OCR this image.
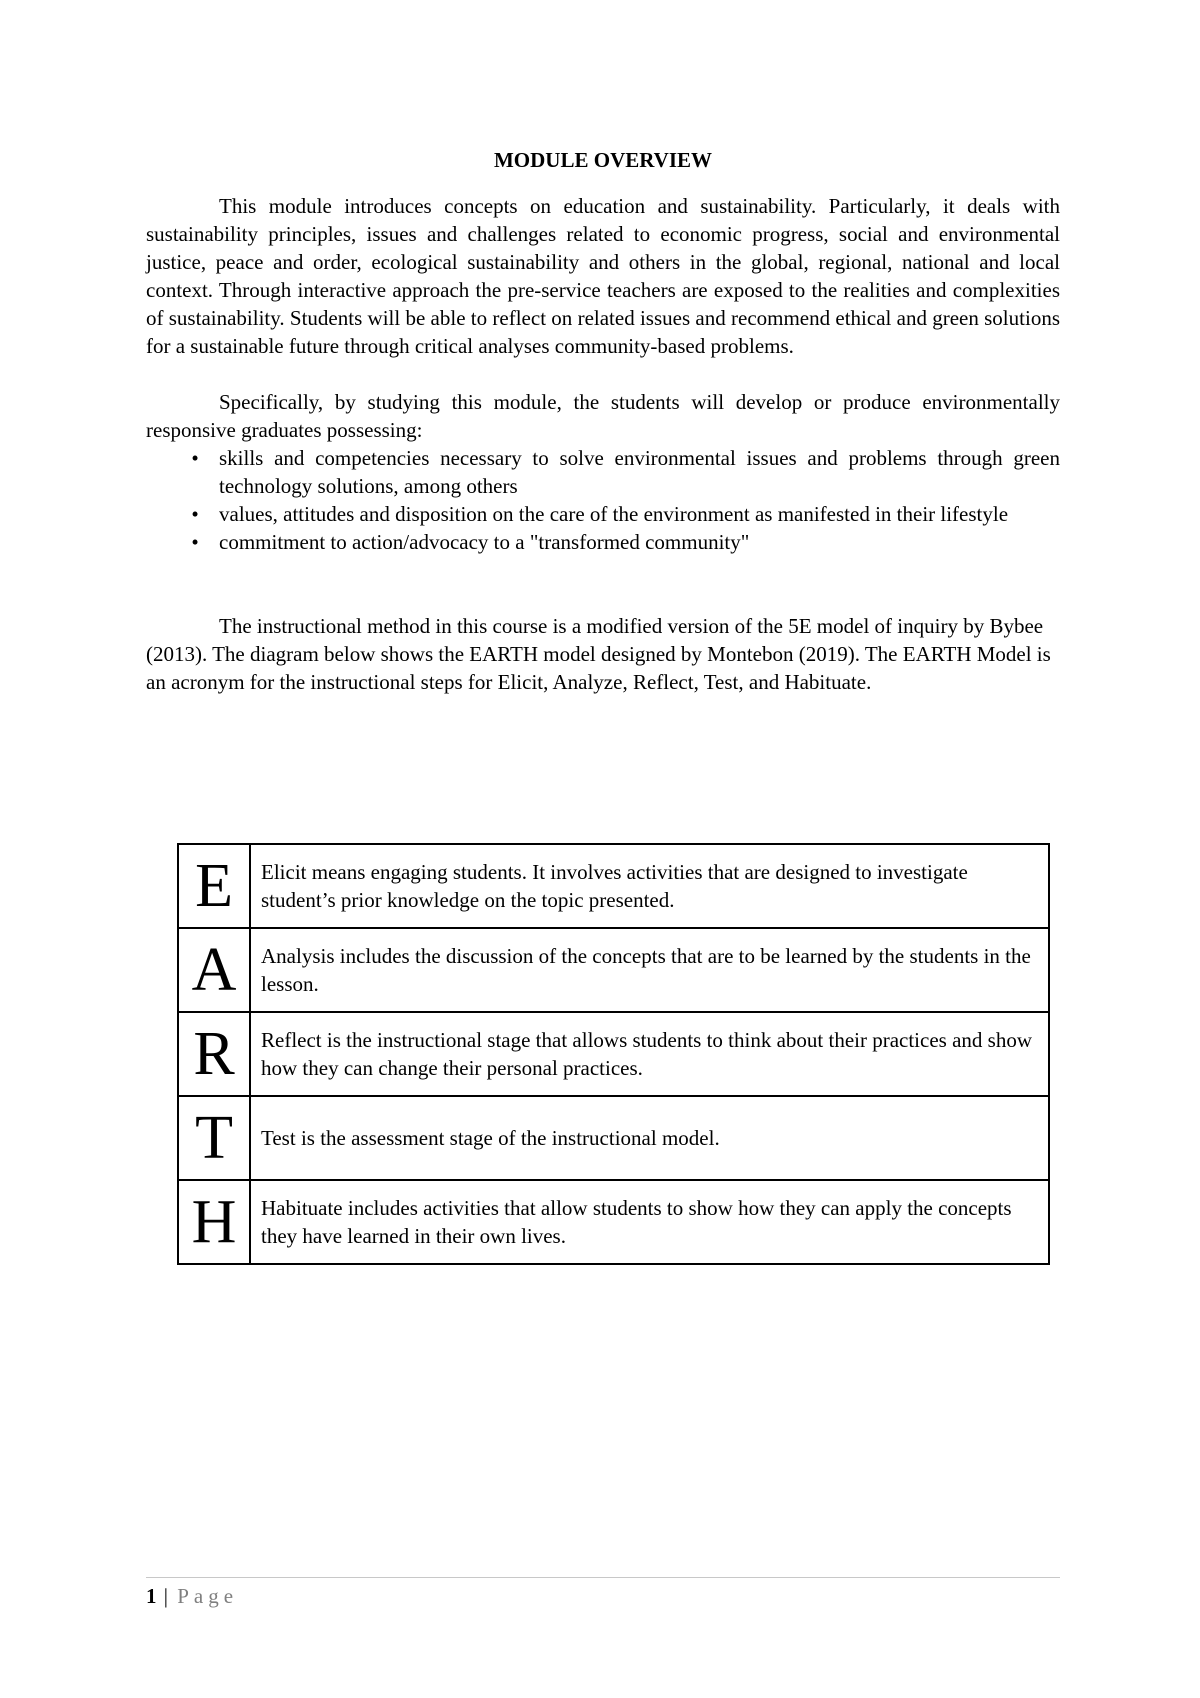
MODULE OVERVIEW

This module introduces concepts on education and sustainability. Particularly, it deals with sustainability principles, issues and challenges related to economic progress, social and environmental justice, peace and order, ecological sustainability and others in the global, regional, national and local context. Through interactive approach the pre-service teachers are exposed to the realities and complexities of sustainability. Students will be able to reflect on related issues and recommend ethical and green solutions for a sustainable future through critical analyses community-based problems.

Specifically, by studying this module, the students will develop or produce environmentally responsive graduates possessing:

• skills and competencies necessary to solve environmental issues and problems through green technology solutions, among others
• values, attitudes and disposition on the care of the environment as manifested in their lifestyle
• commitment to action/advocacy to a "transformed community"

The instructional method in this course is a modified version of the 5E model of inquiry by Bybee (2013). The diagram below shows the EARTH model designed by Montebon (2019). The EARTH Model is an acronym for the instructional steps for Elicit, Analyze, Reflect, Test, and Habituate.

E	Elicit means engaging students. It involves activities that are designed to investigate student’s prior knowledge on the topic presented.
A	Analysis includes the discussion of the concepts that are to be learned by the students in the lesson.
R	Reflect is the instructional stage that allows students to think about their practices and show how they can change their personal practices.
T	Test is the assessment stage of the instructional model.
H	Habituate includes activities that allow students to show how they can apply the concepts they have learned in their own lives.
1 | Page
